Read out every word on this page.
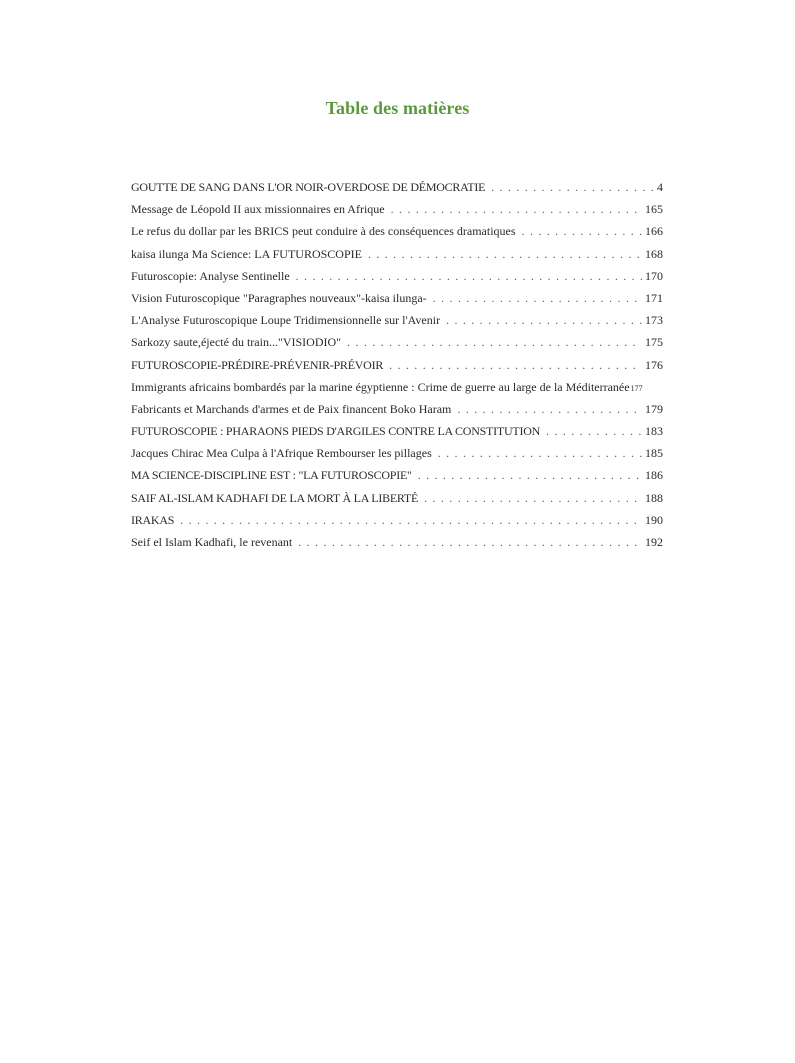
Table des matières
GOUTTE DE SANG DANS L'OR NOIR-OVERDOSE DE DÉMOCRATIE . . .	4
Message de Léopold II aux missionnaires en Afrique . . .	165
Le refus du dollar par les BRICS peut conduire à des conséquences dramatiques . . .	166
kaisa ilunga Ma Science: LA FUTUROSCOPIE . . .	168
Futuroscopie: Analyse Sentinelle . . .	170
Vision Futuroscopique "Paragraphes nouveaux"-kaisa ilunga- . . .	171
L'Analyse Futuroscopique Loupe Tridimensionnelle sur l'Avenir . . .	173
Sarkozy saute,éjecté du train..."VISIODIO" . . .	175
FUTUROSCOPIE-PRÉDIRE-PRÉVENIR-PRÉVOIR . . .	176
Immigrants africains bombardés par la marine égyptienne : Crime de guerre au large de la Méditerranée 177
Fabricants et Marchands d'armes et de Paix financent Boko Haram . . .	179
FUTUROSCOPIE : PHARAONS PIEDS D'ARGILES CONTRE LA CONSTITUTION . . .	183
Jacques Chirac Mea Culpa à l'Afrique Rembourser les pillages . . .	185
MA SCIENCE-DISCIPLINE EST : "LA FUTUROSCOPIE" . . .	186
SAIF AL-ISLAM KADHAFI DE LA MORT À LA LIBERTÉ . . .	188
IRAKAS . . .	190
Seif el Islam Kadhafi, le revenant . . .	192
